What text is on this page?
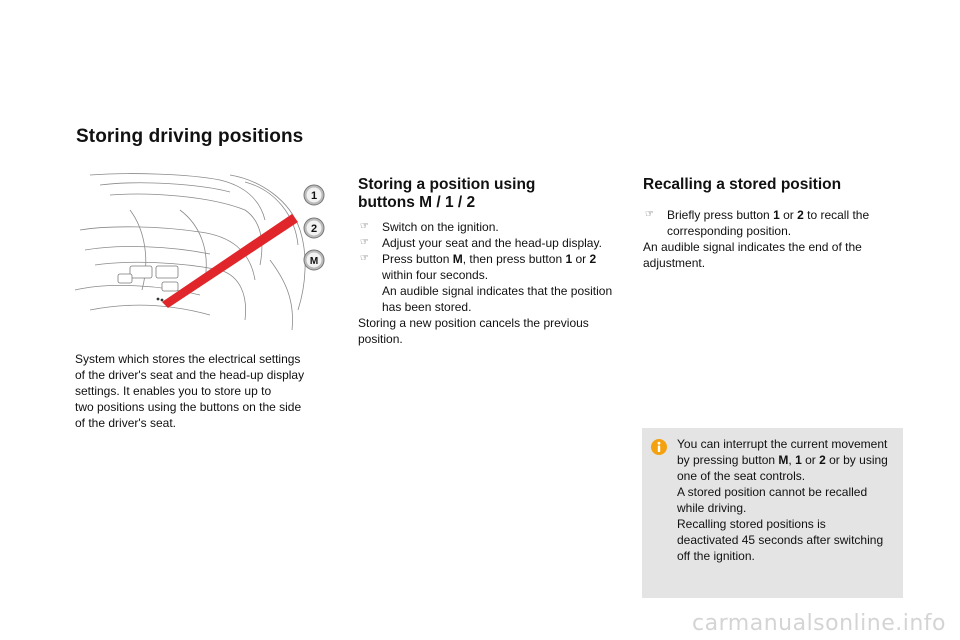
Storing driving positions
1
2
M
System which stores the electrical settings
of the driver's seat and the head-up display
settings. It enables you to store up to
two positions using the buttons on the side
of the driver's seat.
Storing a position using
buttons M / 1 / 2
☞ Switch on the ignition.
☞ Adjust your seat and the head-up display.
☞ Press button M, then press button 1 or 2
within four seconds.
An audible signal indicates that the position
has been stored.
Storing a new position cancels the previous
position.
Recalling a stored position
☞ Briefly press button 1 or 2 to recall the
corresponding position.
An audible signal indicates the end of the
adjustment.
You can interrupt the current movement
by pressing button M, 1 or 2 or by using
one of the seat controls.
A stored position cannot be recalled
while driving.
Recalling stored positions is
deactivated 45 seconds after switching
off the ignition.
carmanualsonline.info
